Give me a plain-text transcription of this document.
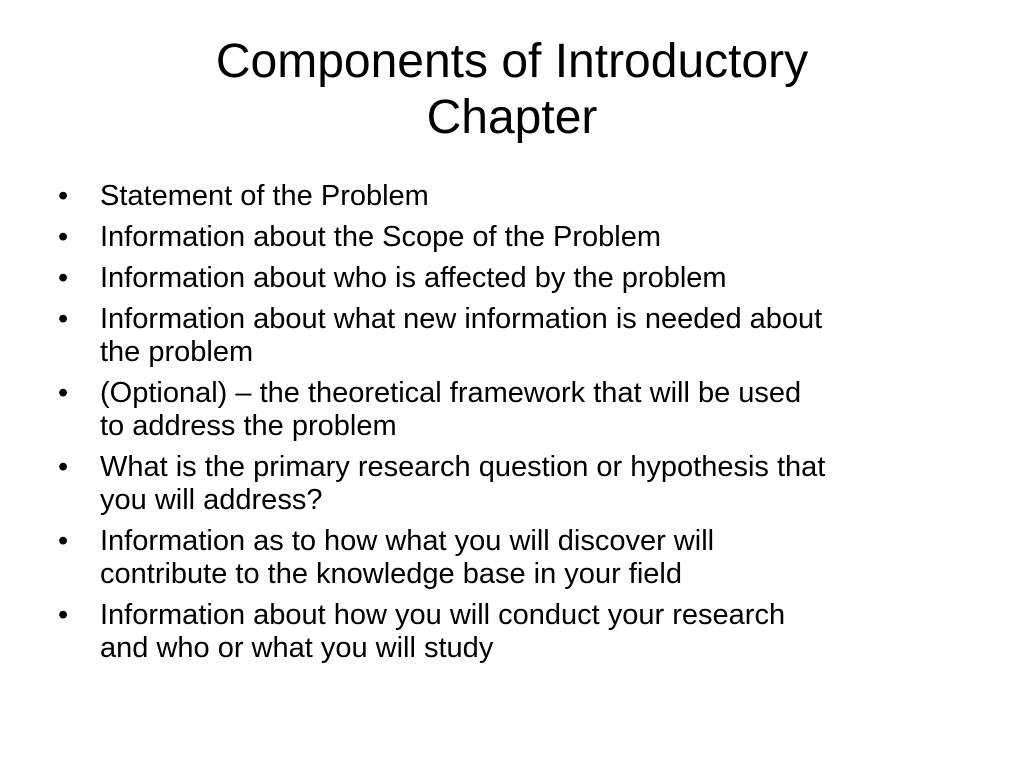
Components of Introductory
Chapter
•	Statement of the Problem
•	Information about the Scope of the Problem
•	Information about who is affected by the problem
•	Information about what new information is needed about
the problem
•	(Optional) – the theoretical framework that will be used
to address the problem
•	What is the primary research question or hypothesis that
you will address?
•	Information as to how what you will discover will
contribute to the knowledge base in your field
•	Information about how you will conduct your research
and who or what you will study
